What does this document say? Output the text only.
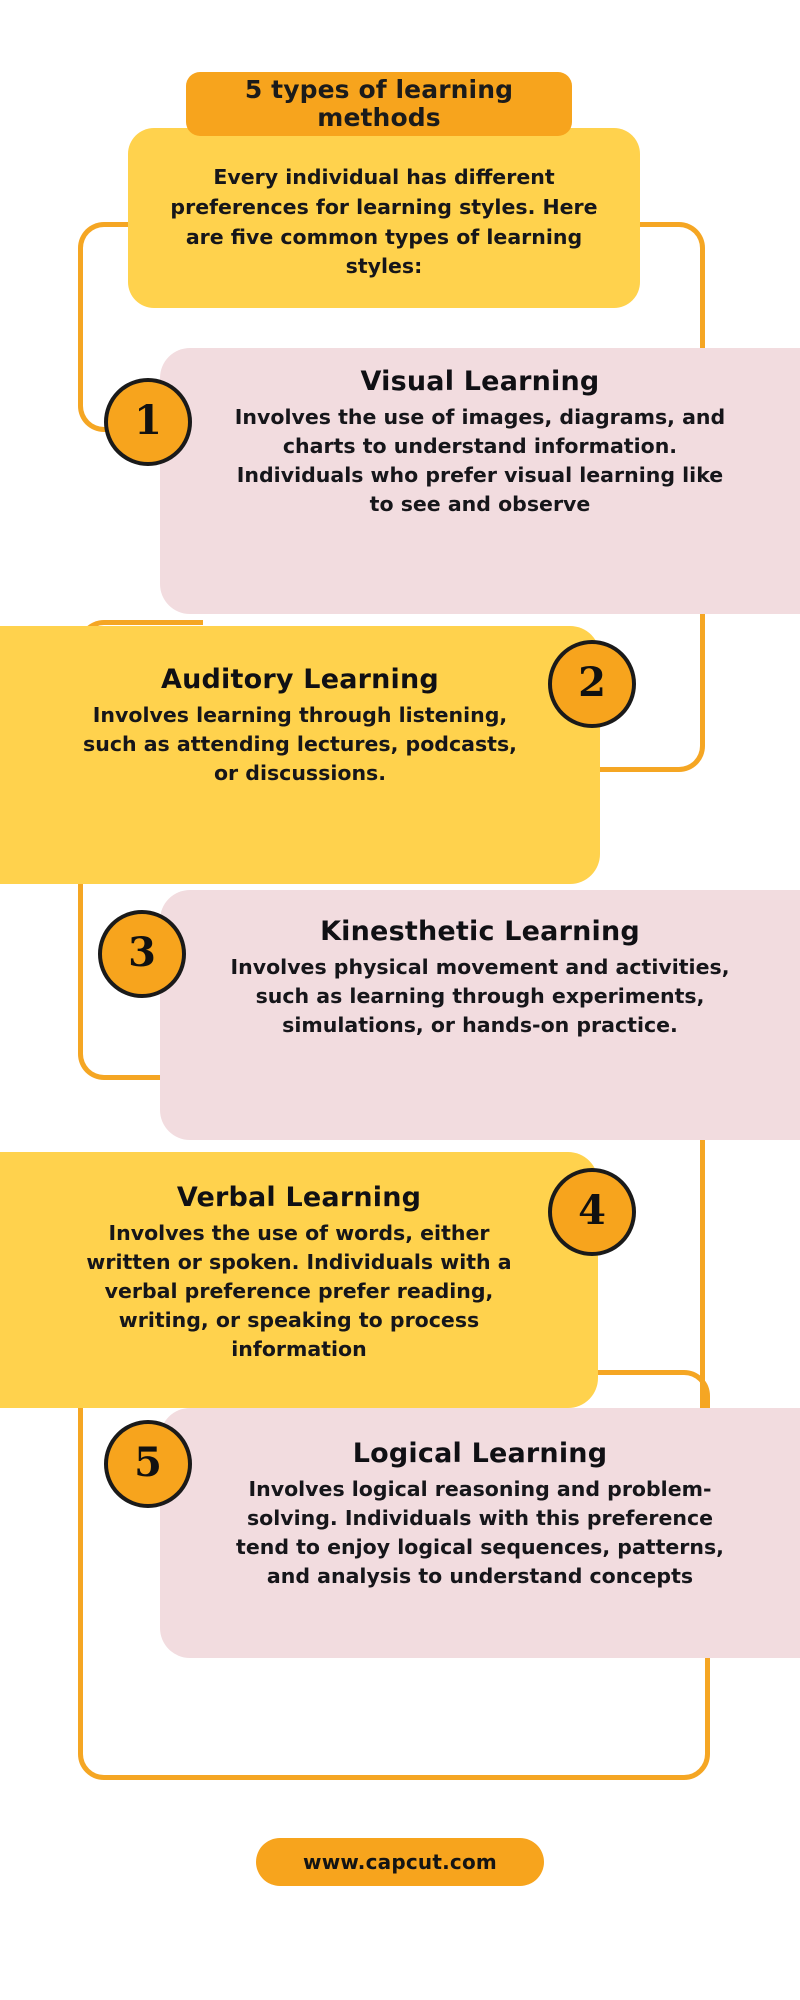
Every individual has different preferences for learning styles. Here are five common types of learning styles:

5 types of learning methods

Visual Learning

Involves the use of images, diagrams, and charts to understand information. Individuals who prefer visual learning like to see and observe

1

Auditory Learning

Involves learning through listening, such as attending lectures, podcasts, or discussions.

2

Kinesthetic Learning

Involves physical movement and activities, such as learning through experiments, simulations, or hands-on practice.

3

Verbal Learning

Involves the use of words, either written or spoken. Individuals with a verbal preference prefer reading, writing, or speaking to process information

4

Logical Learning

Involves logical reasoning and problem-solving. Individuals with this preference tend to enjoy logical sequences, patterns, and analysis to understand concepts

5
www.capcut.com
